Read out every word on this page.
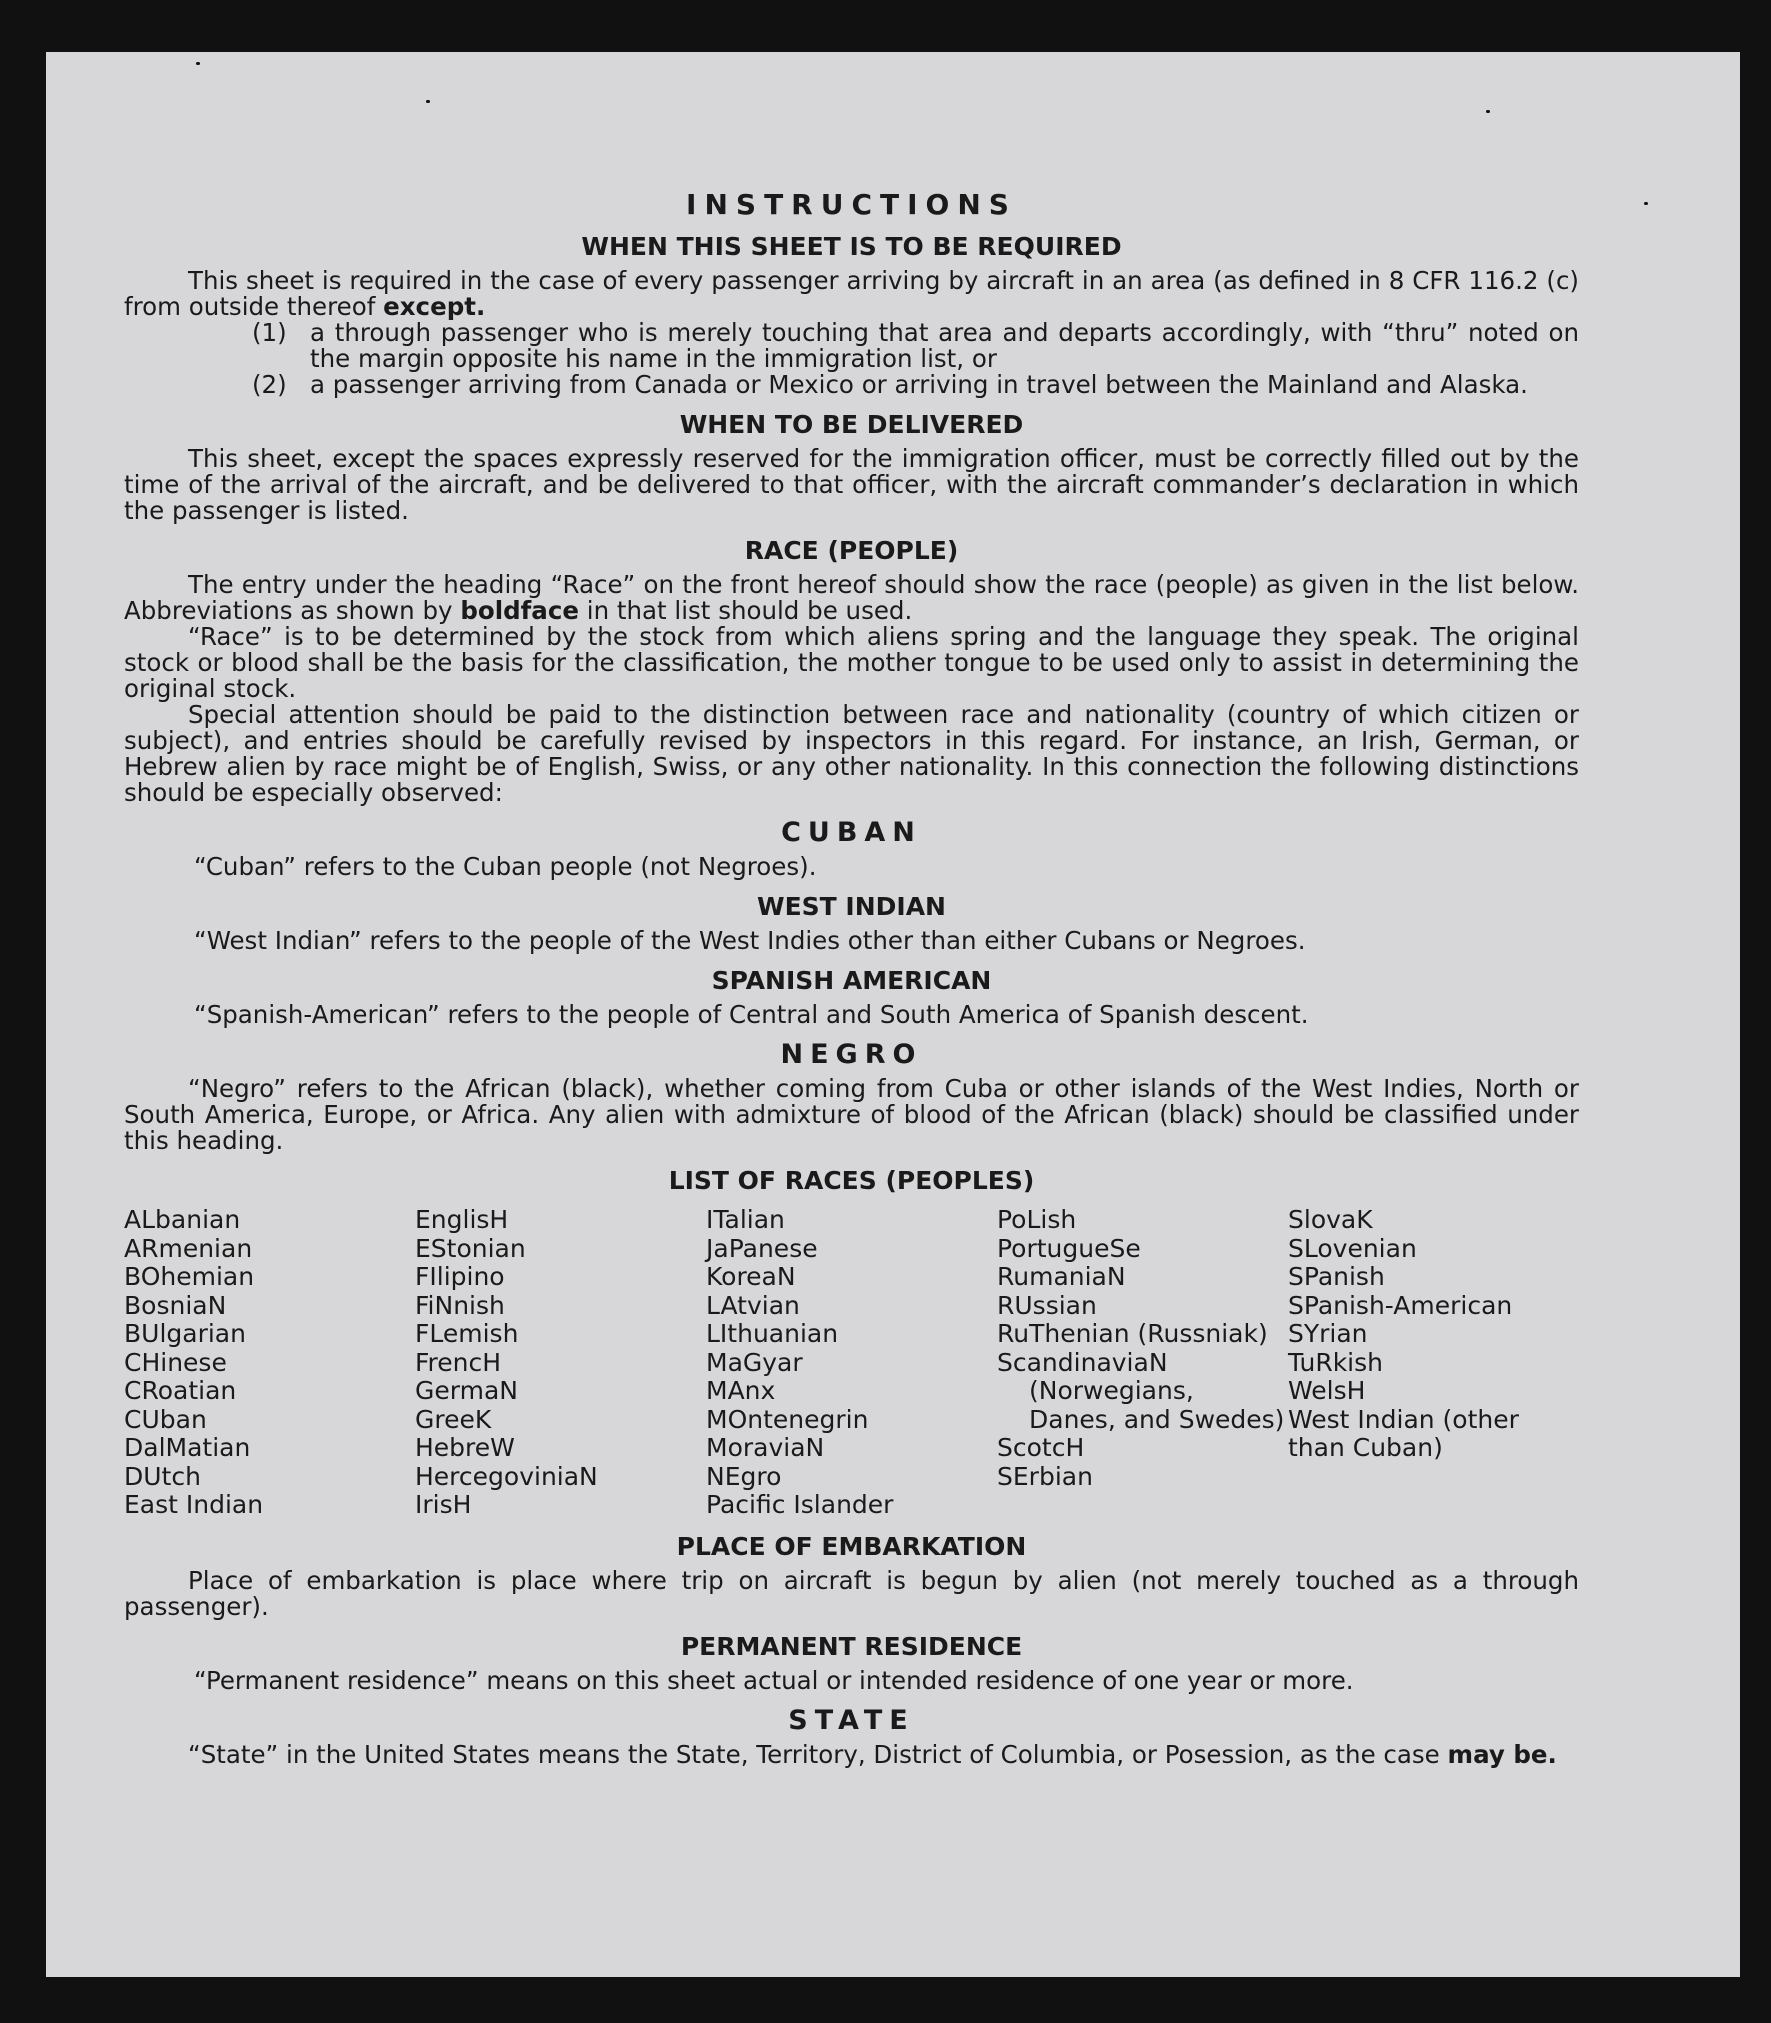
INSTRUCTIONS
WHEN THIS SHEET IS TO BE REQUIRED

This sheet is required in the case of every passenger arriving by aircraft in an area (as defined in 8 CFR 116.2 (c) from outside thereof except.

(1) a through passenger who is merely touching that area and departs accordingly, with “thru” noted on the margin opposite his name in the immigration list, or
(2) a passenger arriving from Canada or Mexico or arriving in travel between the Mainland and Alaska.
WHEN TO BE DELIVERED

This sheet, except the spaces expressly reserved for the immigration officer, must be correctly filled out by the time of the arrival of the aircraft, and be delivered to that officer, with the aircraft commander’s declaration in which the passenger is listed.

RACE (PEOPLE)

The entry under the heading “Race” on the front hereof should show the race (people) as given in the list below. Abbreviations as shown by boldface in that list should be used.

“Race” is to be determined by the stock from which aliens spring and the language they speak. The original stock or blood shall be the basis for the classification, the mother tongue to be used only to assist in determining the original stock.

Special attention should be paid to the distinction between race and nationality (country of which citizen or subject), and entries should be carefully revised by inspectors in this regard. For instance, an Irish, German, or Hebrew alien by race might be of English, Swiss, or any other nationality. In this connection the following distinctions should be especially observed:

CUBAN

“Cuban” refers to the Cuban people (not Negroes).

WEST INDIAN

“West Indian” refers to the people of the West Indies other than either Cubans or Negroes.

SPANISH AMERICAN

“Spanish-American” refers to the people of Central and South America of Spanish descent.

NEGRO

“Negro” refers to the African (black), whether coming from Cuba or other islands of the West Indies, North or South America, Europe, or Africa. Any alien with admixture of blood of the African (black) should be classified under this heading.

LIST OF RACES (PEOPLES)
ALbanian
ARmenian
BOhemian
BosniaN
BUlgarian
CHinese
CRoatian
CUban
DalMatian
DUtch
East Indian
EnglisH
EStonian
FIlipino
FiNnish
FLemish
FrencH
GermaN
GreeK
HebreW
HercegoviniaN
IrisH
ITalian
JaPanese
KoreaN
LAtvian
LIthuanian
MaGyar
MAnx
MOntenegrin
MoraviaN
NEgro
Pacific Islander
PoLish
PortugueSe
RumaniaN
RUssian
RuThenian (Russniak)
ScandinaviaN
(Norwegians, Danes, and Swedes)
ScotcH
SErbian
SlovaK
SLovenian
SPanish
SPanish-American
SYrian
TuRkish
WelsH
West Indian (other than Cuban)
PLACE OF EMBARKATION

Place of embarkation is place where trip on aircraft is begun by alien (not merely touched as a through passenger).

PERMANENT RESIDENCE

“Permanent residence” means on this sheet actual or intended residence of one year or more.

STATE

“State” in the United States means the State, Territory, District of Columbia, or Posession, as the case may be.
